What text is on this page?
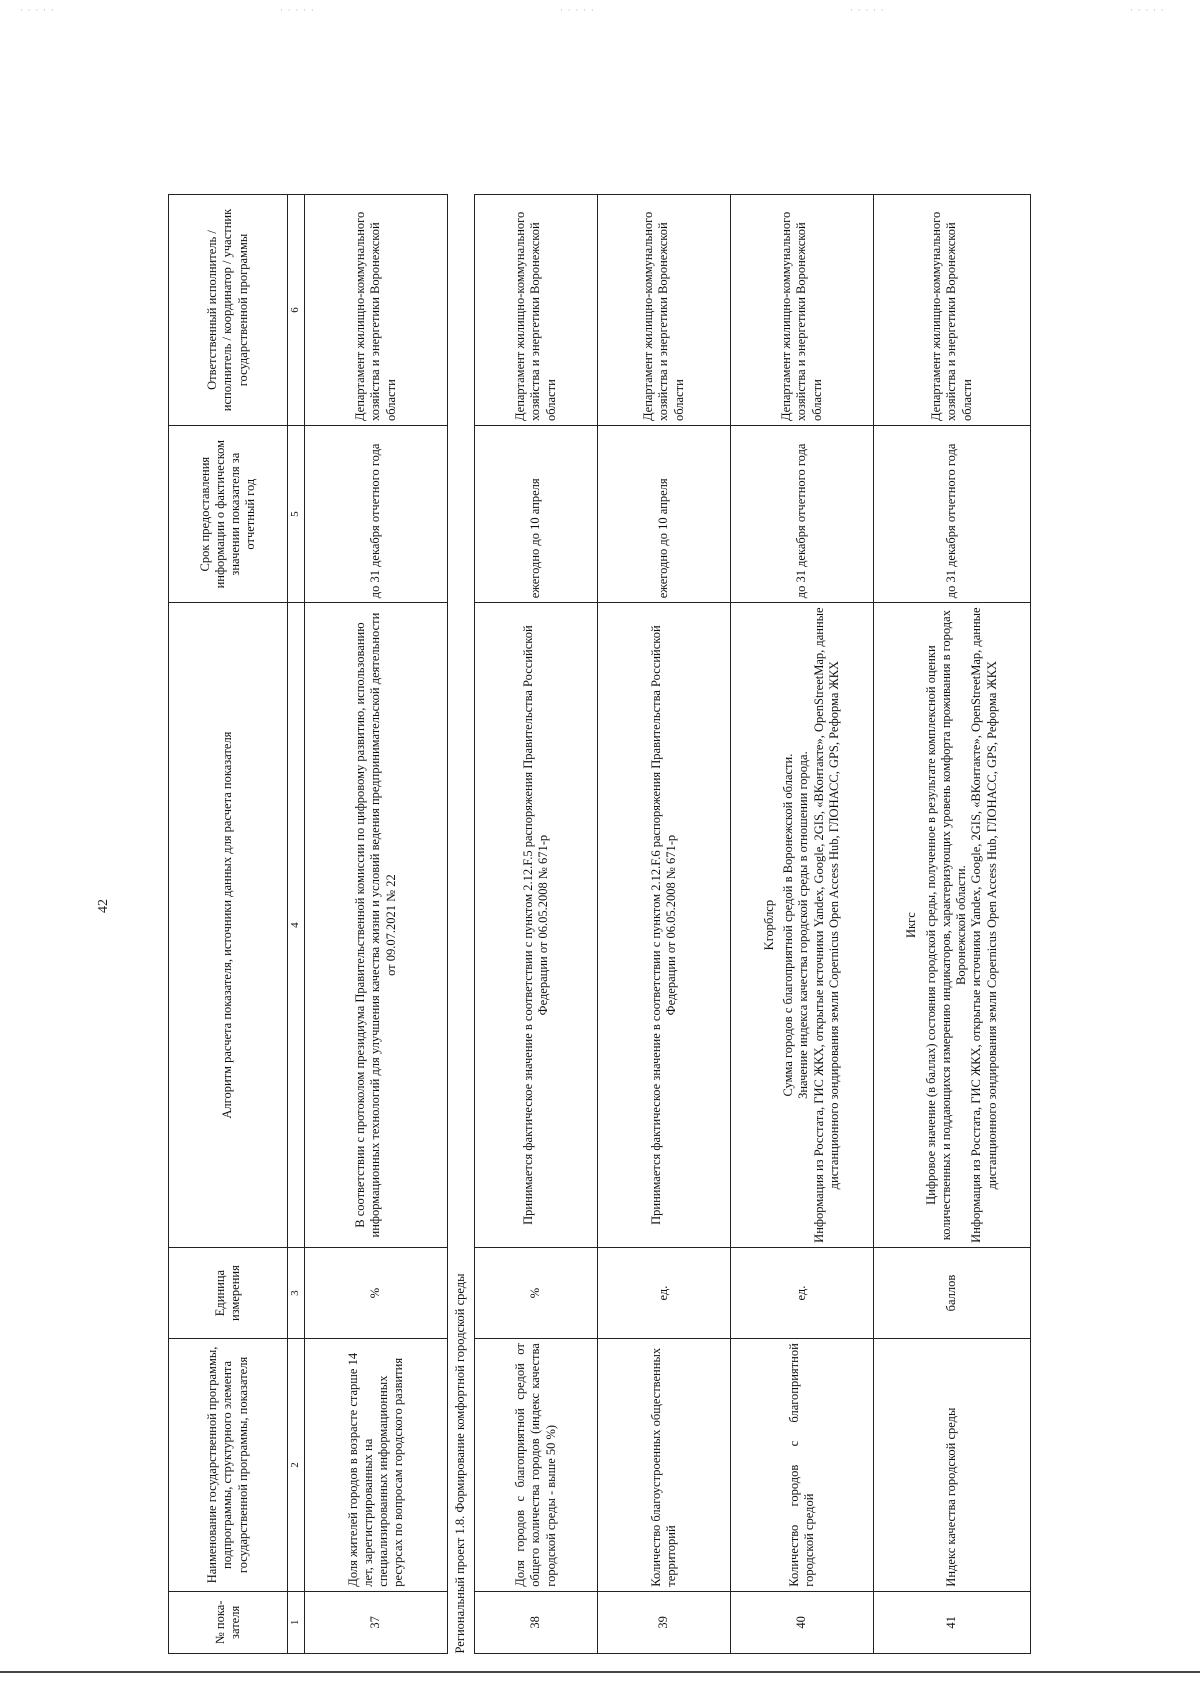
· · · · ·	· · · · ·	· · · · ·	· · · · ·	· · · · ·
42
№ пока-зателя	Наименование государственной программы, подпрограммы, структурного элемента государственной программы, показателя	Единица измерения	Алгоритм расчета показателя, источники данных для расчета показателя	Срок предоставления информации о фактическом значении показателя за отчетный год	Ответственный исполнитель / исполнитель / координатор / участник государственной программы
1	2	3	4	5	6
37	Доля жителей городов в возрасте старше 14 лет, зарегистрированных на специализированных информационных ресурсах по вопросам городского развития	%	В соответствии с протоколом президиума Правительственной комиссии по цифровому развитию, использованию информационных технологий для улучшения качества жизни и условий ведения предпринимательской деятельности от 09.07.2021 № 22	до 31 декабря отчетного года	Департамент жилищно-коммунального хозяйства и энергетики Воронежской области
Региональный проект 1.8. Формирование комфортной городской среды					
38	Доля городов с благоприятной средой от общего количества городов (индекс качества городской среды - выше 50 %)	%	Принимается фактическое значение в соответствии с пунктом 2.12.F.5 распоряжения Правительства Российской Федерации от 06.05.2008 № 671-р	ежегодно до 10 апреля	Департамент жилищно-коммунального хозяйства и энергетики Воронежской области
39	Количество благоустроенных общественных территорий	ед.	Принимается фактическое значение в соответствии с пунктом 2.12.F.6 распоряжения Правительства Российской Федерации от 06.05.2008 № 671-р	ежегодно до 10 апреля	Департамент жилищно-коммунального хозяйства и энергетики Воронежской области
40	Количество городов с благоприятной городской средой	ед.	Kгорблср Сумма городов с благоприятной средой в Воронежской области. Значение индекса качества городской среды в отношении города. Информация из Росстата, ГИС ЖКХ, открытые источники Yandex, Google, 2GIS, «ВКонтакте», OpenStreetMap, данные дистанционного зондирования земли Copernicus Open Access Hub, ГЛОНАСС, GPS, Реформа ЖКХ	до 31 декабря отчетного года	Департамент жилищно-коммунального хозяйства и энергетики Воронежской области
41	Индекс качества городской среды	баллов	Икгс Цифровое значение (в баллах) состояния городской среды, полученное в результате комплексной оценки количественных и поддающихся измерению индикаторов, характеризующих уровень комфорта проживания в городах Воронежской области. Информация из Росстата, ГИС ЖКХ, открытые источники Yandex, Google, 2GIS, «ВКонтакте», OpenStreetMap, данные дистанционного зондирования земли Copernicus Open Access Hub, ГЛОНАСС, GPS, Реформа ЖКХ	до 31 декабря отчетного года	Департамент жилищно-коммунального хозяйства и энергетики Воронежской области
